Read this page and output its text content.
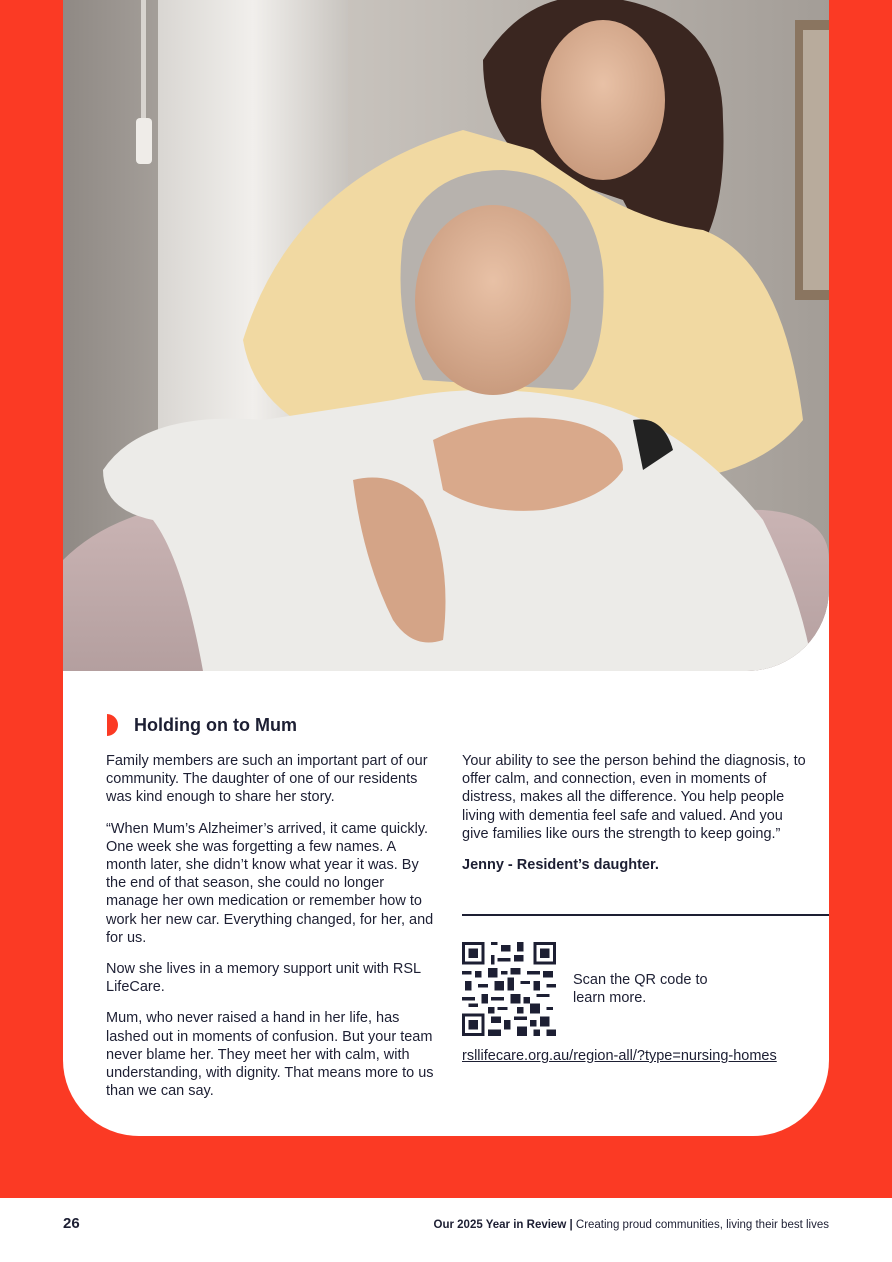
Holding on to Mum

Family members are such an important part of our community. The daughter of one of our residents was kind enough to share her story.

“When Mum’s Alzheimer’s arrived, it came quickly. One week she was forgetting a few names. A month later, she didn’t know what year it was. By the end of that season, she could no longer manage her own medication or remember how to work her new car. Everything changed, for her, and for us.

Now she lives in a memory support unit with RSL LifeCare.

Mum, who never raised a hand in her life, has lashed out in moments of confusion. But your team never blame her. They meet her with calm, with understanding, with dignity. That means more to us than we can say.

Your ability to see the person behind the diagnosis, to offer calm, and connection, even in moments of distress, makes all the difference. You help people living with dementia feel safe and valued. And you give families like ours the strength to keep going.”

Jenny - Resident’s daughter.

Scan the QR code to learn more.
rsllifecare.org.au/region-all/?type=nursing-homes
26	Our 2025 Year in Review | Creating proud communities, living their best lives
